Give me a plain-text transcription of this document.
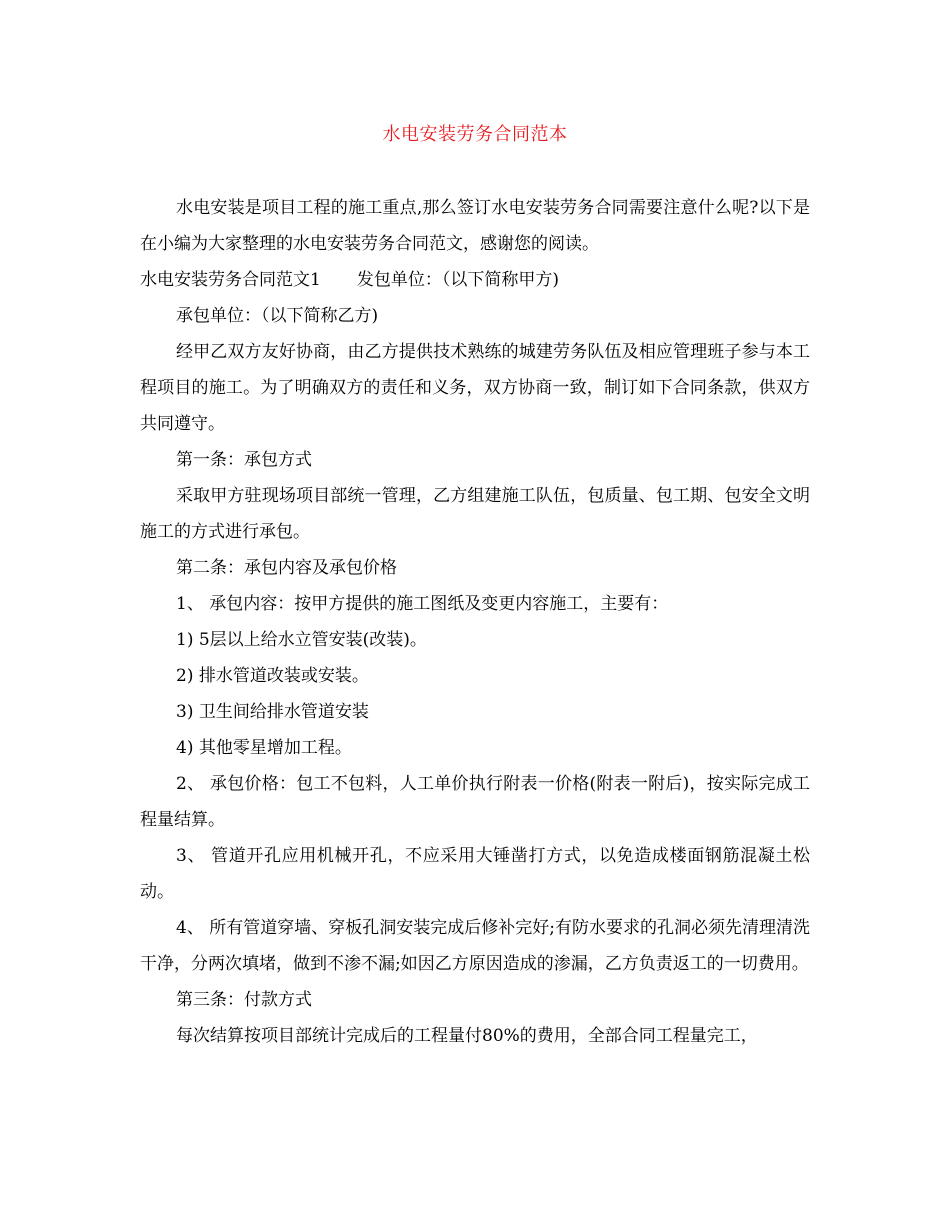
水电安装劳务合同范本

水电安装是项目工程的施工重点,那么签订水电安装劳务合同需要注意什么呢?以下是在小编为大家整理的水电安装劳务合同范文，感谢您的阅读。

水电安装劳务合同范文1 发包单位：（以下简称甲方)

承包单位：（以下简称乙方)

经甲乙双方友好协商，由乙方提供技术熟练的城建劳务队伍及相应管理班子参与本工程项目的施工。为了明确双方的责任和义务，双方协商一致，制订如下合同条款，供双方共同遵守。

第一条：承包方式

采取甲方驻现场项目部统一管理，乙方组建施工队伍，包质量、包工期、包安全文明施工的方式进行承包。

第二条：承包内容及承包价格

1、 承包内容：按甲方提供的施工图纸及变更内容施工，主要有：

1) 5层以上给水立管安装(改装)。

2) 排水管道改装或安装。

3) 卫生间给排水管道安装

4) 其他零星增加工程。

2、 承包价格：包工不包料，人工单价执行附表一价格(附表一附后)，按实际完成工程量结算。

3、 管道开孔应用机械开孔，不应采用大锤凿打方式，以免造成楼面钢筋混凝土松动。

4、 所有管道穿墙、穿板孔洞安装完成后修补完好;有防水要求的孔洞必须先清理清洗干净，分两次填堵，做到不渗不漏;如因乙方原因造成的渗漏，乙方负责返工的一切费用。

第三条：付款方式

每次结算按项目部统计完成后的工程量付80%的费用，全部合同工程量完工，
